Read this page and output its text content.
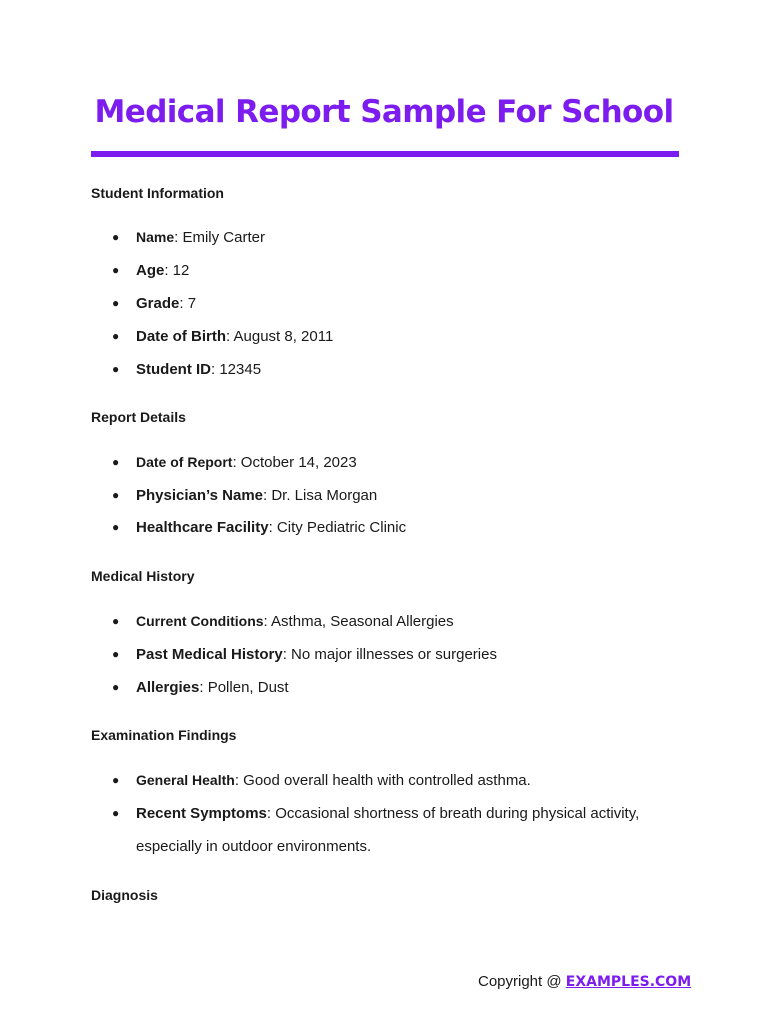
Medical Report Sample For School
Student Information
● Name: Emily Carter
● Age: 12
● Grade: 7
● Date of Birth: August 8, 2011
● Student ID: 12345
Report Details
● Date of Report: October 14, 2023
● Physician’s Name: Dr. Lisa Morgan
● Healthcare Facility: City Pediatric Clinic
Medical History
● Current Conditions: Asthma, Seasonal Allergies
● Past Medical History: No major illnesses or surgeries
● Allergies: Pollen, Dust
Examination Findings
● General Health: Good overall health with controlled asthma.
● Recent Symptoms: Occasional shortness of breath during physical activity, especially in outdoor environments.
Diagnosis
Copyright @ EXAMPLES.COM
